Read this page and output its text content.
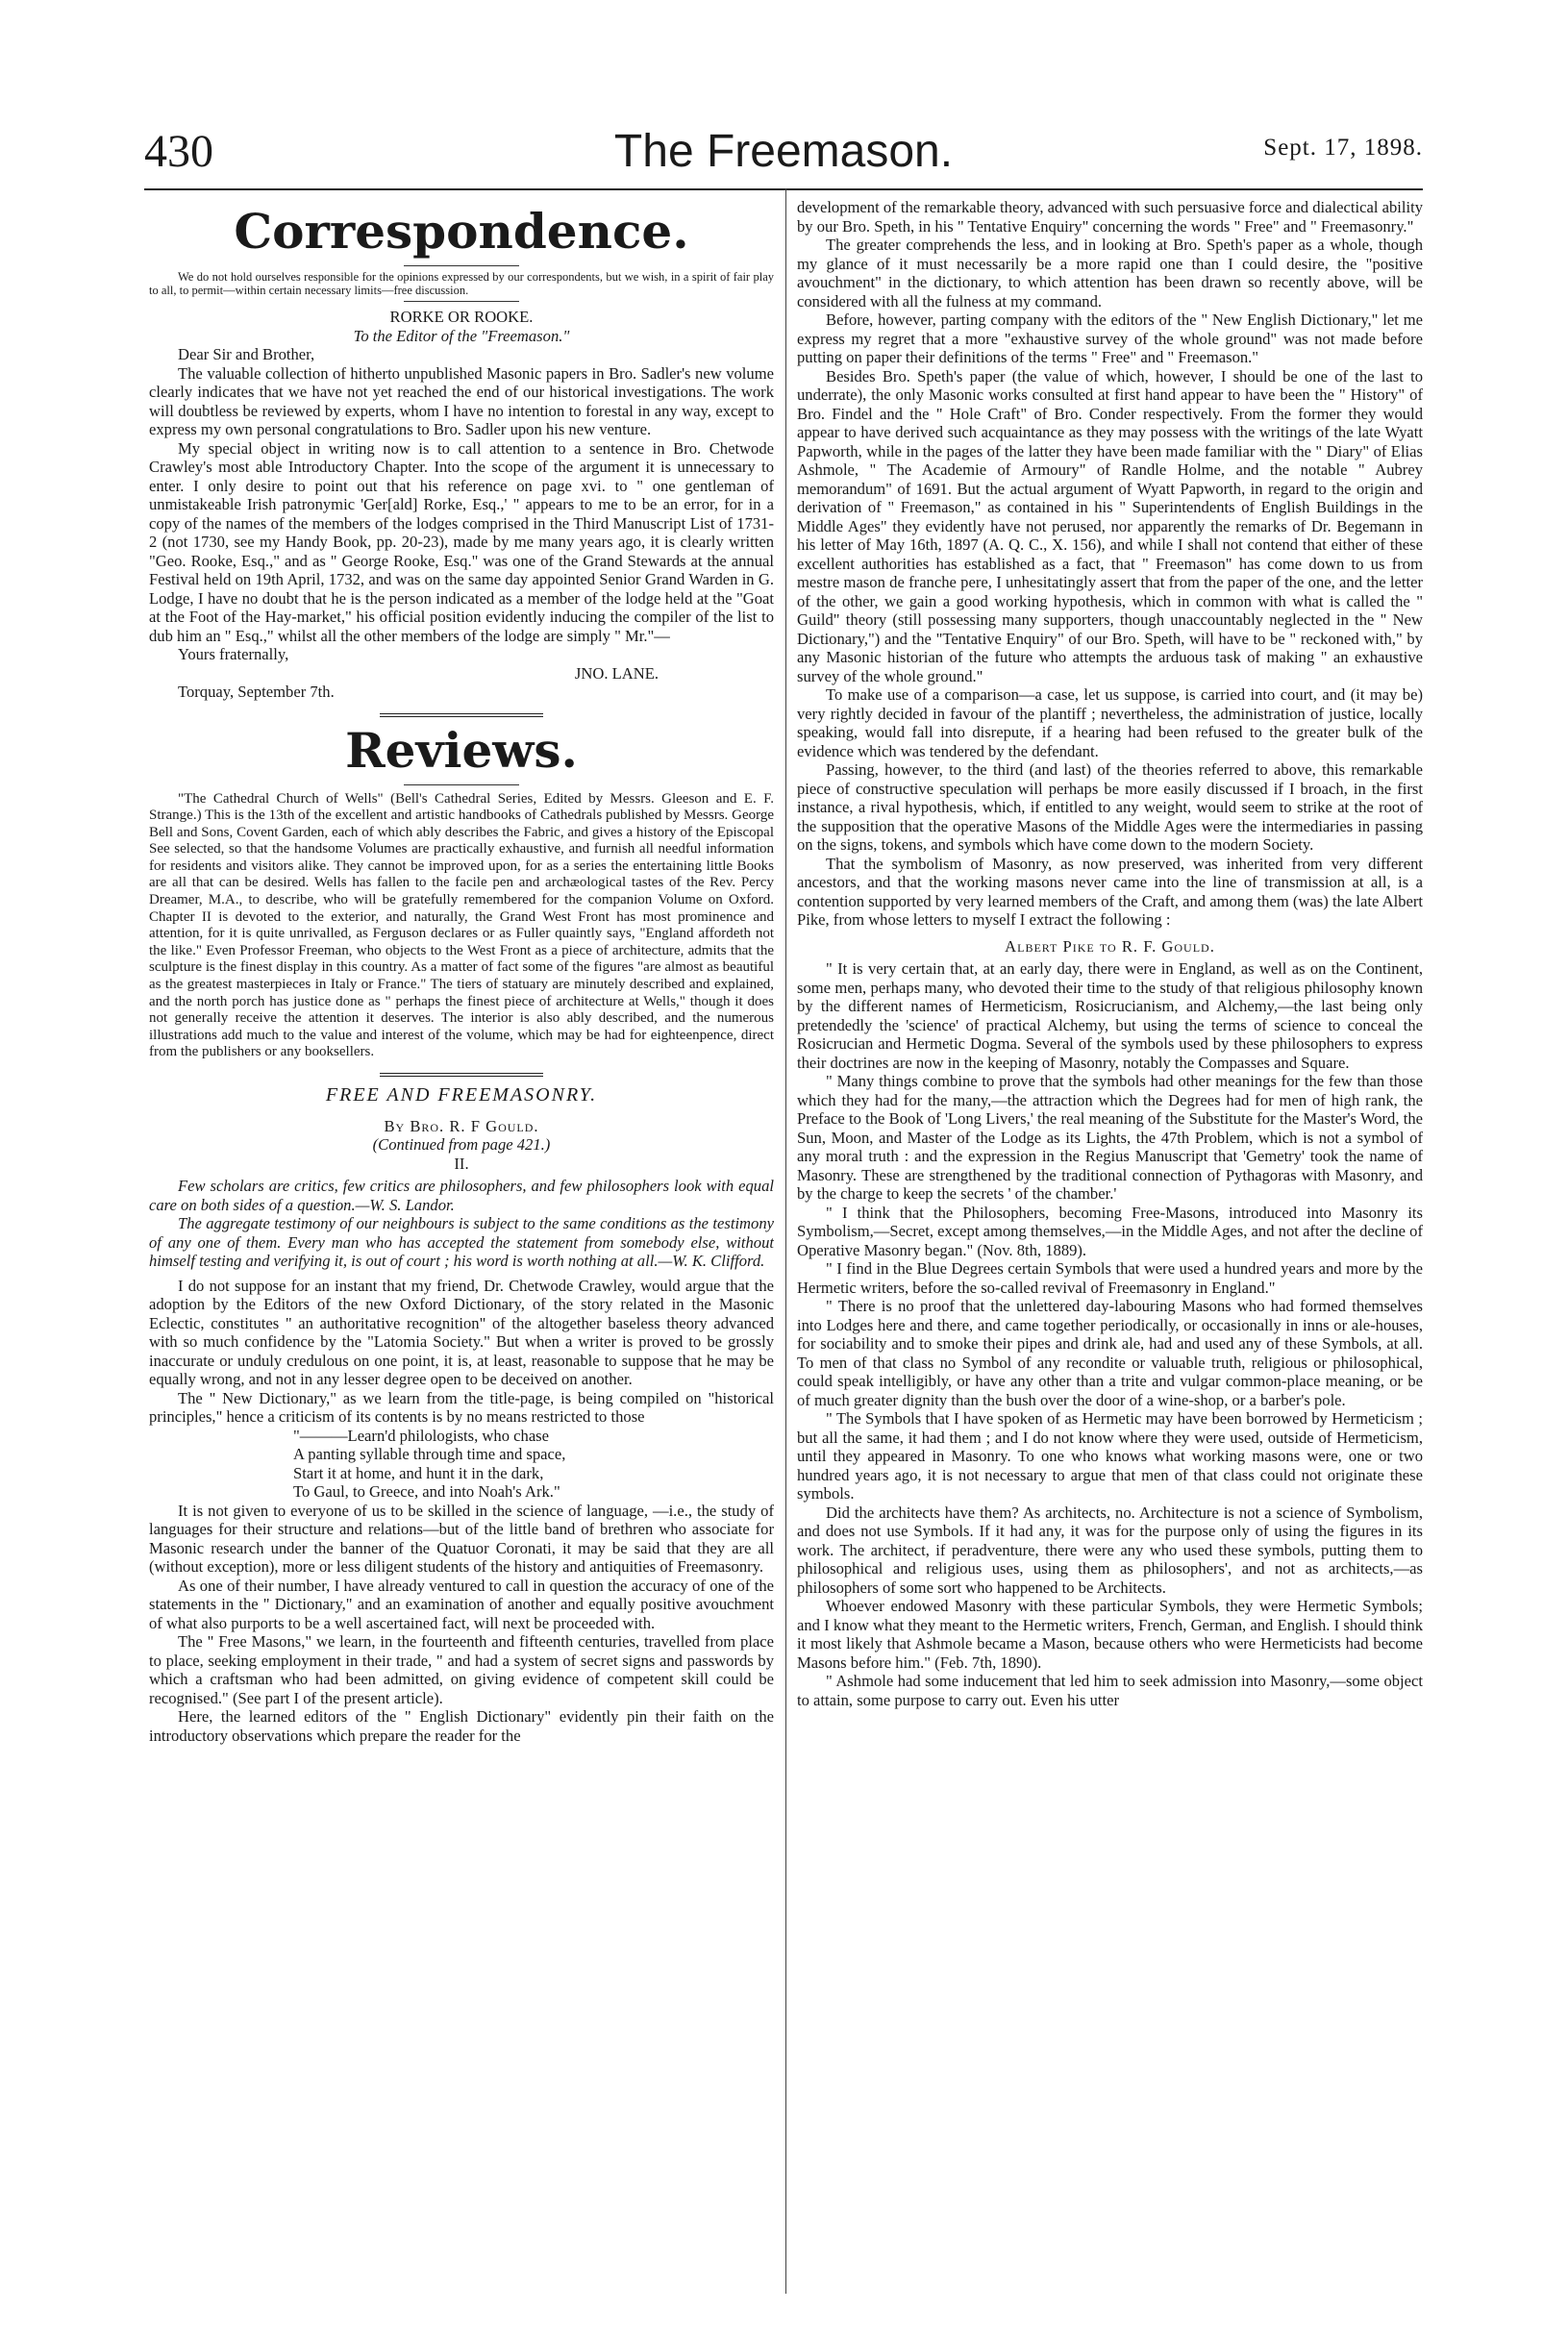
The Freemason.
430	Sept. 17, 1898.
Correspondence.

We do not hold ourselves responsible for the opinions expressed by our correspondents, but we wish, in a spirit of fair play to all, to permit—within certain necessary limits—free discussion.

RORKE OR ROOKE.

To the Editor of the "Freemason."

Dear Sir and Brother,

The valuable collection of hitherto unpublished Masonic papers in Bro. Sadler's new volume clearly indicates that we have not yet reached the end of our historical investigations. The work will doubtless be reviewed by experts, whom I have no intention to forestal in any way, except to express my own personal congratulations to Bro. Sadler upon his new venture.

My special object in writing now is to call attention to a sentence in Bro. Chetwode Crawley's most able Introductory Chapter. Into the scope of the argument it is unnecessary to enter. I only desire to point out that his reference on page xvi. to " one gentleman of unmistakeable Irish patronymic 'Ger[ald] Rorke, Esq.,' " appears to me to be an error, for in a copy of the names of the members of the lodges comprised in the Third Manuscript List of 1731-2 (not 1730, see my Handy Book, pp. 20-23), made by me many years ago, it is clearly written "Geo. Rooke, Esq.," and as " George Rooke, Esq." was one of the Grand Stewards at the annual Festival held on 19th April, 1732, and was on the same day appointed Senior Grand Warden in G. Lodge, I have no doubt that he is the person indicated as a member of the lodge held at the "Goat at the Foot of the Hay-market," his official position evidently inducing the compiler of the list to dub him an " Esq.," whilst all the other members of the lodge are simply " Mr."—

Yours fraternally,

JNO. LANE.

Torquay, September 7th.

Reviews.

"The Cathedral Church of Wells" (Bell's Cathedral Series, Edited by Messrs. Gleeson and E. F. Strange.) This is the 13th of the excellent and artistic handbooks of Cathedrals published by Messrs. George Bell and Sons, Covent Garden, each of which ably describes the Fabric, and gives a history of the Episcopal See selected, so that the handsome Volumes are practically exhaustive, and furnish all needful information for residents and visitors alike. They cannot be improved upon, for as a series the entertaining little Books are all that can be desired. Wells has fallen to the facile pen and archæological tastes of the Rev. Percy Dreamer, M.A., to describe, who will be gratefully remembered for the companion Volume on Oxford. Chapter II is devoted to the exterior, and naturally, the Grand West Front has most prominence and attention, for it is quite unrivalled, as Ferguson declares or as Fuller quaintly says, "England affordeth not the like." Even Professor Freeman, who objects to the West Front as a piece of architecture, admits that the sculpture is the finest display in this country. As a matter of fact some of the figures "are almost as beautiful as the greatest masterpieces in Italy or France." The tiers of statuary are minutely described and explained, and the north porch has justice done as " perhaps the finest piece of architecture at Wells," though it does not generally receive the attention it deserves. The interior is also ably described, and the numerous illustrations add much to the value and interest of the volume, which may be had for eighteenpence, direct from the publishers or any booksellers.

FREE AND FREEMASONRY.

By Bro. R. F Gould.

(Continued from page 421.)

II.

Few scholars are critics, few critics are philosophers, and few philosophers look with equal care on both sides of a question.—W. S. Landor.

The aggregate testimony of our neighbours is subject to the same conditions as the testimony of any one of them. Every man who has accepted the statement from somebody else, without himself testing and verifying it, is out of court ; his word is worth nothing at all.—W. K. Clifford.

I do not suppose for an instant that my friend, Dr. Chetwode Crawley, would argue that the adoption by the Editors of the new Oxford Dictionary, of the story related in the Masonic Eclectic, constitutes " an authoritative recognition" of the altogether baseless theory advanced with so much confidence by the "Latomia Society." But when a writer is proved to be grossly inaccurate or unduly credulous on one point, it is, at least, reasonable to suppose that he may be equally wrong, and not in any lesser degree open to be deceived on another.

The " New Dictionary," as we learn from the title-page, is being compiled on "historical principles," hence a criticism of its contents is by no means restricted to those

"———Learn'd philologists, who chase

A panting syllable through time and space,

Start it at home, and hunt it in the dark,

To Gaul, to Greece, and into Noah's Ark."

It is not given to everyone of us to be skilled in the science of language, —i.e., the study of languages for their structure and relations—but of the little band of brethren who associate for Masonic research under the banner of the Quatuor Coronati, it may be said that they are all (without exception), more or less diligent students of the history and antiquities of Freemasonry.

As one of their number, I have already ventured to call in question the accuracy of one of the statements in the " Dictionary," and an examination of another and equally positive avouchment of what also purports to be a well ascertained fact, will next be proceeded with.

The " Free Masons," we learn, in the fourteenth and fifteenth centuries, travelled from place to place, seeking employment in their trade, " and had a system of secret signs and passwords by which a craftsman who had been admitted, on giving evidence of competent skill could be recognised." (See part I of the present article).

Here, the learned editors of the " English Dictionary" evidently pin their faith on the introductory observations which prepare the reader for the

development of the remarkable theory, advanced with such persuasive force and dialectical ability by our Bro. Speth, in his " Tentative Enquiry" concerning the words " Free" and " Freemasonry."

The greater comprehends the less, and in looking at Bro. Speth's paper as a whole, though my glance of it must necessarily be a more rapid one than I could desire, the "positive avouchment" in the dictionary, to which attention has been drawn so recently above, will be considered with all the fulness at my command.

Before, however, parting company with the editors of the " New English Dictionary," let me express my regret that a more "exhaustive survey of the whole ground" was not made before putting on paper their definitions of the terms " Free" and " Freemason."

Besides Bro. Speth's paper (the value of which, however, I should be one of the last to underrate), the only Masonic works consulted at first hand appear to have been the " History" of Bro. Findel and the " Hole Craft" of Bro. Conder respectively. From the former they would appear to have derived such acquaintance as they may possess with the writings of the late Wyatt Papworth, while in the pages of the latter they have been made familiar with the " Diary" of Elias Ashmole, " The Academie of Armoury" of Randle Holme, and the notable " Aubrey memorandum" of 1691. But the actual argument of Wyatt Papworth, in regard to the origin and derivation of " Freemason," as contained in his " Superintendents of English Buildings in the Middle Ages" they evidently have not perused, nor apparently the remarks of Dr. Begemann in his letter of May 16th, 1897 (A. Q. C., X. 156), and while I shall not contend that either of these excellent authorities has established as a fact, that " Freemason" has come down to us from mestre mason de franche pere, I unhesitatingly assert that from the paper of the one, and the letter of the other, we gain a good working hypothesis, which in common with what is called the " Guild" theory (still possessing many supporters, though unaccountably neglected in the " New Dictionary,") and the "Tentative Enquiry" of our Bro. Speth, will have to be " reckoned with," by any Masonic historian of the future who attempts the arduous task of making " an exhaustive survey of the whole ground."

To make use of a comparison—a case, let us suppose, is carried into court, and (it may be) very rightly decided in favour of the plantiff ; nevertheless, the administration of justice, locally speaking, would fall into disrepute, if a hearing had been refused to the greater bulk of the evidence which was tendered by the defendant.

Passing, however, to the third (and last) of the theories referred to above, this remarkable piece of constructive speculation will perhaps be more easily discussed if I broach, in the first instance, a rival hypothesis, which, if entitled to any weight, would seem to strike at the root of the supposition that the operative Masons of the Middle Ages were the intermediaries in passing on the signs, tokens, and symbols which have come down to the modern Society.

That the symbolism of Masonry, as now preserved, was inherited from very different ancestors, and that the working masons never came into the line of transmission at all, is a contention supported by very learned members of the Craft, and among them (was) the late Albert Pike, from whose letters to myself I extract the following :

Albert Pike to R. F. Gould.

" It is very certain that, at an early day, there were in England, as well as on the Continent, some men, perhaps many, who devoted their time to the study of that religious philosophy known by the different names of Hermeticism, Rosicrucianism, and Alchemy,—the last being only pretendedly the 'science' of practical Alchemy, but using the terms of science to conceal the Rosicrucian and Hermetic Dogma. Several of the symbols used by these philosophers to express their doctrines are now in the keeping of Masonry, notably the Compasses and Square.

" Many things combine to prove that the symbols had other meanings for the few than those which they had for the many,—the attraction which the Degrees had for men of high rank, the Preface to the Book of 'Long Livers,' the real meaning of the Substitute for the Master's Word, the Sun, Moon, and Master of the Lodge as its Lights, the 47th Problem, which is not a symbol of any moral truth : and the expression in the Regius Manuscript that 'Gemetry' took the name of Masonry. These are strengthened by the traditional connection of Pythagoras with Masonry, and by the charge to keep the secrets ' of the chamber.'

" I think that the Philosophers, becoming Free-Masons, introduced into Masonry its Symbolism,—Secret, except among themselves,—in the Middle Ages, and not after the decline of Operative Masonry began." (Nov. 8th, 1889).

" I find in the Blue Degrees certain Symbols that were used a hundred years and more by the Hermetic writers, before the so-called revival of Freemasonry in England."

" There is no proof that the unlettered day-labouring Masons who had formed themselves into Lodges here and there, and came together periodically, or occasionally in inns or ale-houses, for sociability and to smoke their pipes and drink ale, had and used any of these Symbols, at all. To men of that class no Symbol of any recondite or valuable truth, religious or philosophical, could speak intelligibly, or have any other than a trite and vulgar common-place meaning, or be of much greater dignity than the bush over the door of a wine-shop, or a barber's pole.

" The Symbols that I have spoken of as Hermetic may have been borrowed by Hermeticism ; but all the same, it had them ; and I do not know where they were used, outside of Hermeticism, until they appeared in Masonry. To one who knows what working masons were, one or two hundred years ago, it is not necessary to argue that men of that class could not originate these symbols.

Did the architects have them? As architects, no. Architecture is not a science of Symbolism, and does not use Symbols. If it had any, it was for the purpose only of using the figures in its work. The architect, if peradventure, there were any who used these symbols, putting them to philosophical and religious uses, using them as philosophers', and not as architects,—as philosophers of some sort who happened to be Architects.

Whoever endowed Masonry with these particular Symbols, they were Hermetic Symbols; and I know what they meant to the Hermetic writers, French, German, and English. I should think it most likely that Ashmole became a Mason, because others who were Hermeticists had become Masons before him." (Feb. 7th, 1890).

" Ashmole had some inducement that led him to seek admission into Masonry,—some object to attain, some purpose to carry out. Even his utter
